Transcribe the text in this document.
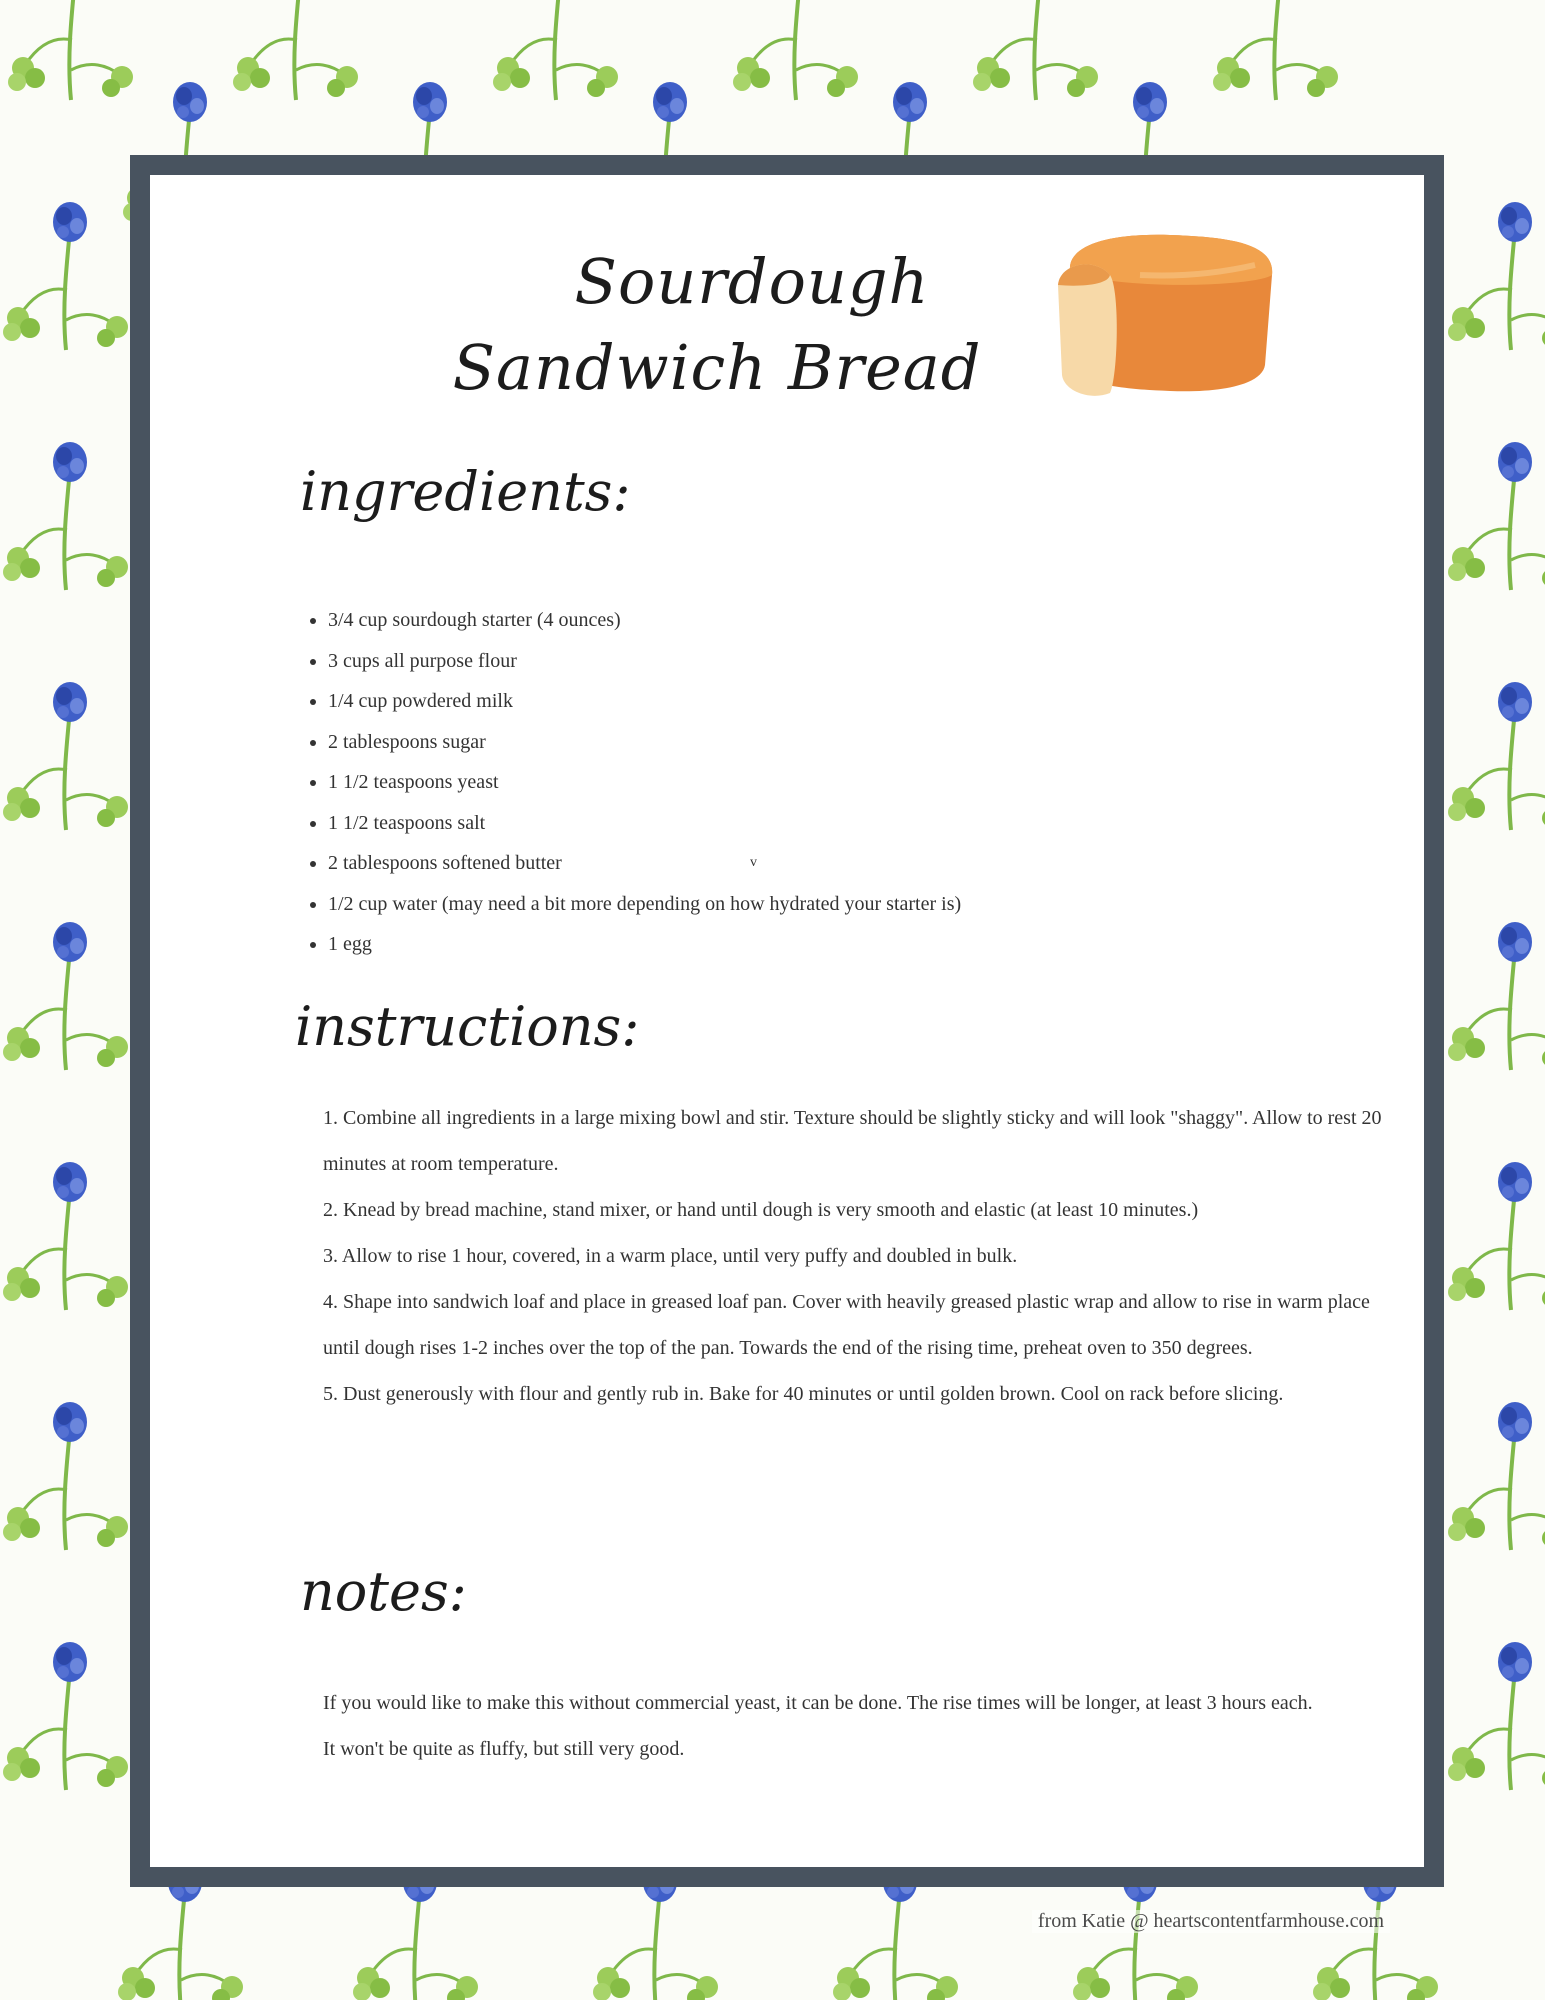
Sourdough
Sandwich Bread
ingredients:
• 3/4 cup sourdough starter (4 ounces)
• 3 cups all purpose flour
• 1/4 cup powdered milk
• 2 tablespoons sugar
• 1 1/2 teaspoons yeast
• 1 1/2 teaspoons salt
• 2 tablespoons softened butter
• 1/2 cup water (may need a bit more depending on how hydrated your starter is)
• 1 egg
v
instructions:

1. Combine all ingredients in a large mixing bowl and stir. Texture should be slightly sticky and will look "shaggy". Allow to rest 20 minutes at room temperature.

2. Knead by bread machine, stand mixer, or hand until dough is very smooth and elastic (at least 10 minutes.)

3. Allow to rise 1 hour, covered, in a warm place, until very puffy and doubled in bulk.

4. Shape into sandwich loaf and place in greased loaf pan. Cover with heavily greased plastic wrap and allow to rise in warm place until dough rises 1-2 inches over the top of the pan. Towards the end of the rising time, preheat oven to 350 degrees.

5. Dust generously with flour and gently rub in. Bake for 40 minutes or until golden brown. Cool on rack before slicing.

notes:

If you would like to make this without commercial yeast, it can be done. The rise times will be longer, at least 3 hours each. It won't be quite as fluffy, but still very good.

from Katie @ heartscontentfarmhouse.com
